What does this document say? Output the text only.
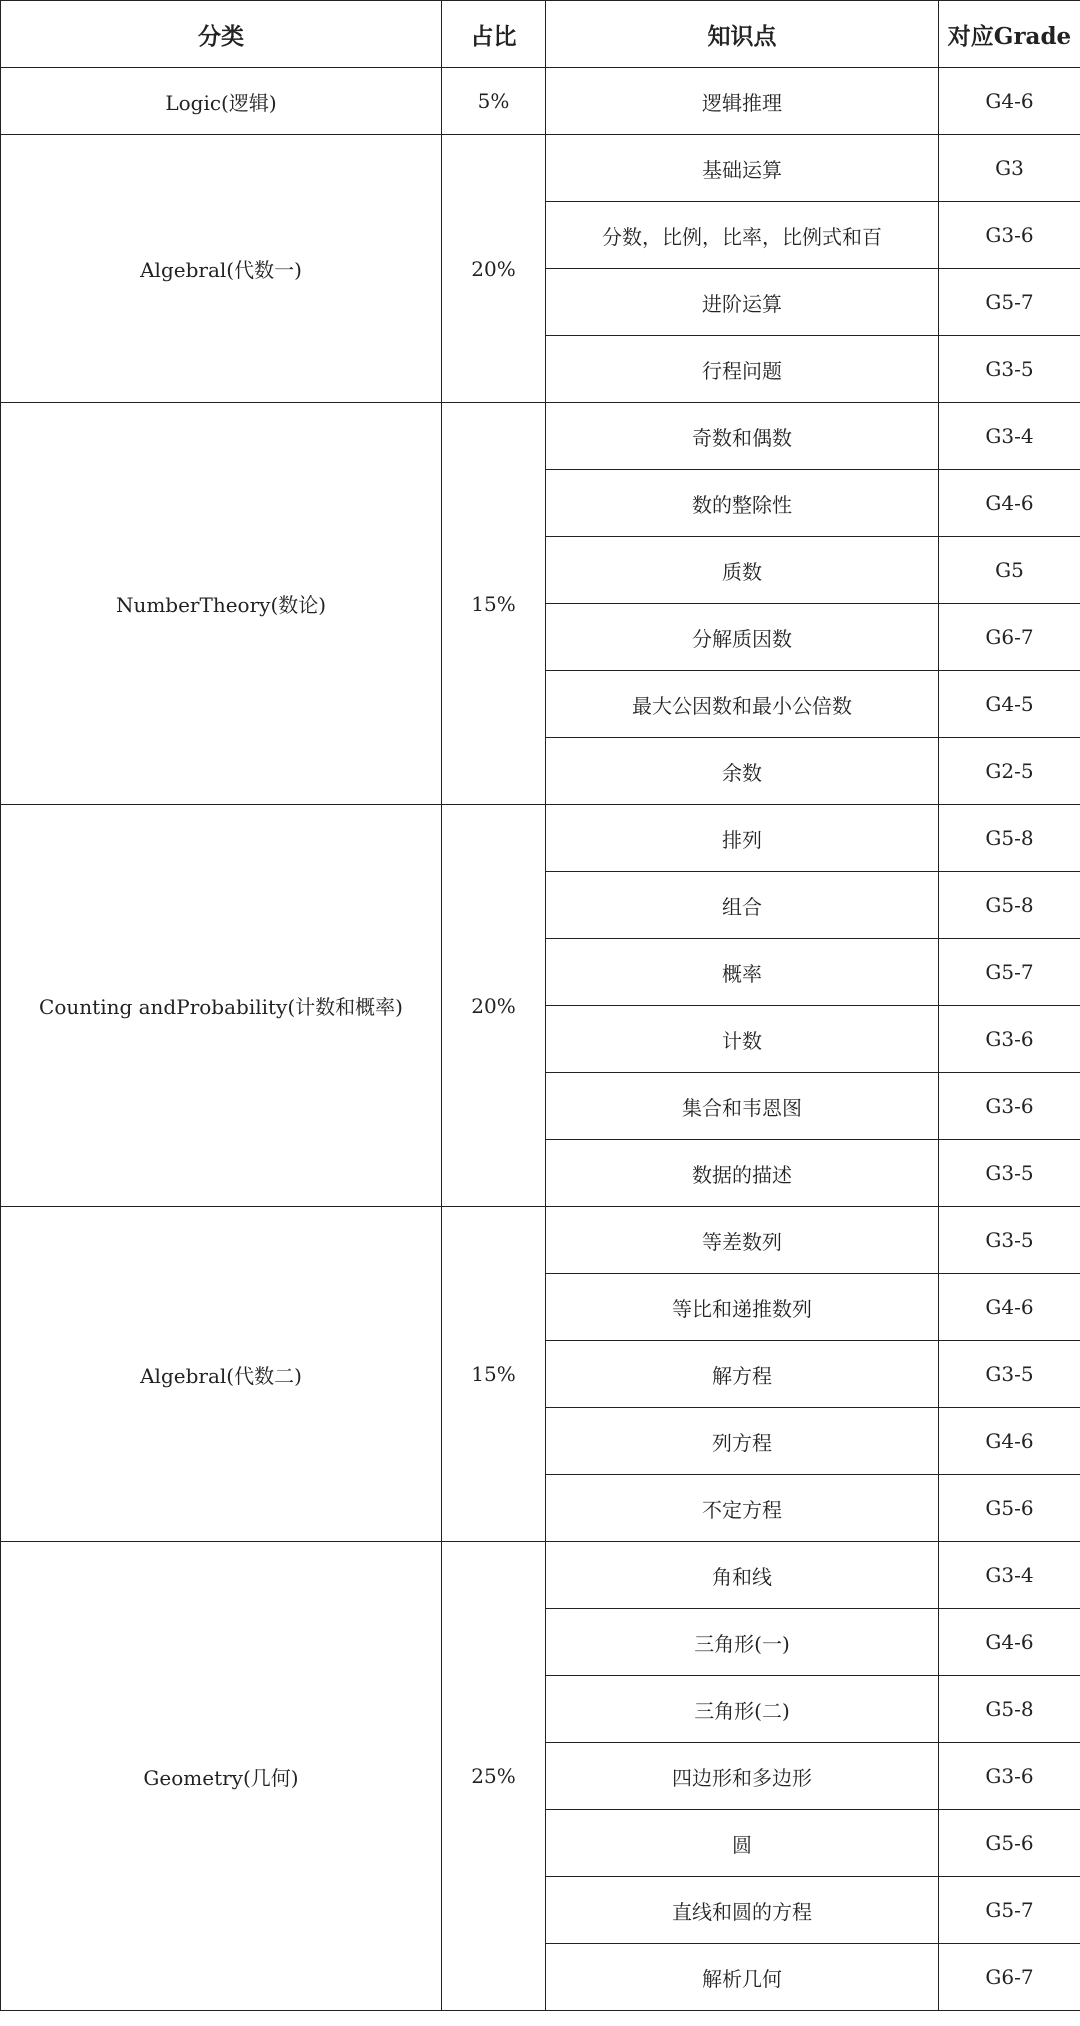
分类	占比	知识点	对应Grade
Logic(逻辑)	5%	逻辑推理	G4-6
Algebral(代数一)	20%	基础运算	G3
		分数，比例，比率，比例式和百	G3-6
		进阶运算	G5-7
		行程问题	G3-5
NumberTheory(数论)	15%	奇数和偶数	G3-4
		数的整除性	G4-6
		质数	G5
		分解质因数	G6-7
		最大公因数和最小公倍数	G4-5
		余数	G2-5
Counting andProbability(计数和概率)	20%	排列	G5-8
		组合	G5-8
		概率	G5-7
		计数	G3-6
		集合和韦恩图	G3-6
		数据的描述	G3-5
Algebral(代数二)	15%	等差数列	G3-5
		等比和递推数列	G4-6
		解方程	G3-5
		列方程	G4-6
		不定方程	G5-6
Geometry(几何)	25%	角和线	G3-4
		三角形(一)	G4-6
		三角形(二)	G5-8
		四边形和多边形	G3-6
		圆	G5-6
		直线和圆的方程	G5-7
		解析几何	G6-7
